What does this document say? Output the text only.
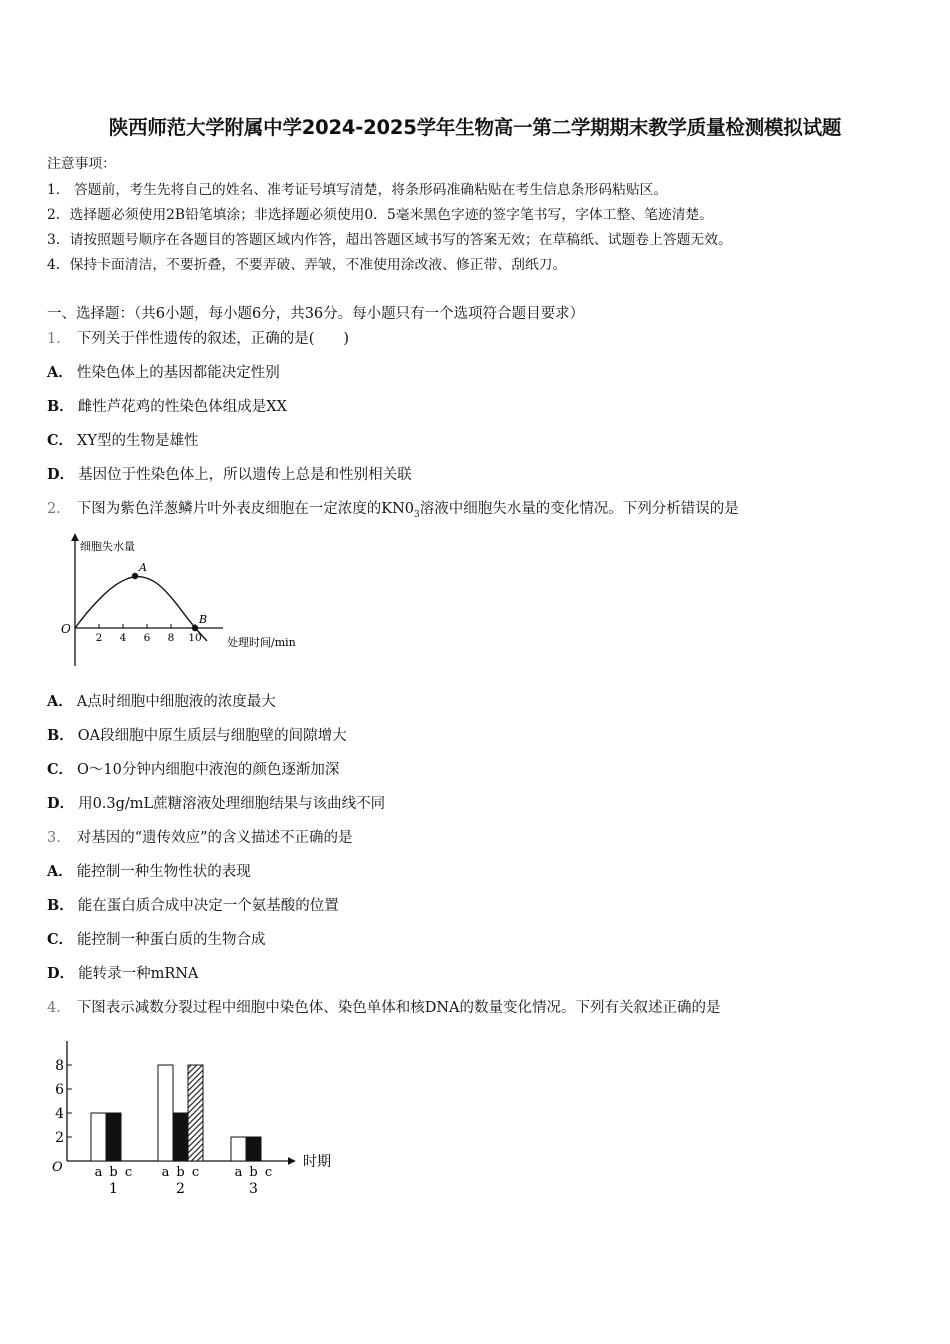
陕西师范大学附属中学2024-2025学年生物高一第二学期期末教学质量检测模拟试题
注意事项：
1.　答题前，考生先将自己的姓名、准考证号填写清楚，将条形码准确粘贴在考生信息条形码粘贴区。
2．选择题必须使用2B铅笔填涂；非选择题必须使用0．5毫米黑色字迹的签字笔书写，字体工整、笔迹清楚。
3．请按照题号顺序在各题目的答题区域内作答，超出答题区域书写的答案无效；在草稿纸、试题卷上答题无效。
4．保持卡面清洁，不要折叠，不要弄破、弄皱，不准使用涂改液、修正带、刮纸刀。
一、选择题：（共6小题，每小题6分，共36分。每小题只有一个选项符合题目要求）
1． 下列关于伴性遗传的叙述，正确的是(　　)
A． 性染色体上的基因都能决定性别
B． 雌性芦花鸡的性染色体组成是XX
C． XY型的生物是雄性
D． 基因位于性染色体上，所以遗传上总是和性别相关联
2． 下图为紫色洋葱鳞片叶外表皮细胞在一定浓度的$KN0_3$溶液中细胞失水量的变化情况。下列分析错误的是
O
细胞失水量
处理时间/min
2 4 6 8 10
A
B
A． A点时细胞中细胞液的浓度最大
B． OA段细胞中原生质层与细胞壁的间隙增大
C． O～10分钟内细胞中液泡的颜色逐渐加深
D． 用0.3g/mL蔗糖溶液处理细胞结果与该曲线不同
3． 对基因的“遗传效应”的含义描述不正确的是
A． 能控制一种生物性状的表现
B． 能在蛋白质合成中决定一个氨基酸的位置
C． 能控制一种蛋白质的生物合成
D． 能转录一种mRNA
4． 下图表示减数分裂过程中细胞中染色体、染色单体和核DNA的数量变化情况。下列有关叙述正确的是
O	时期
2
4
6
8
a b c
1
a b c
2
a b c
3
